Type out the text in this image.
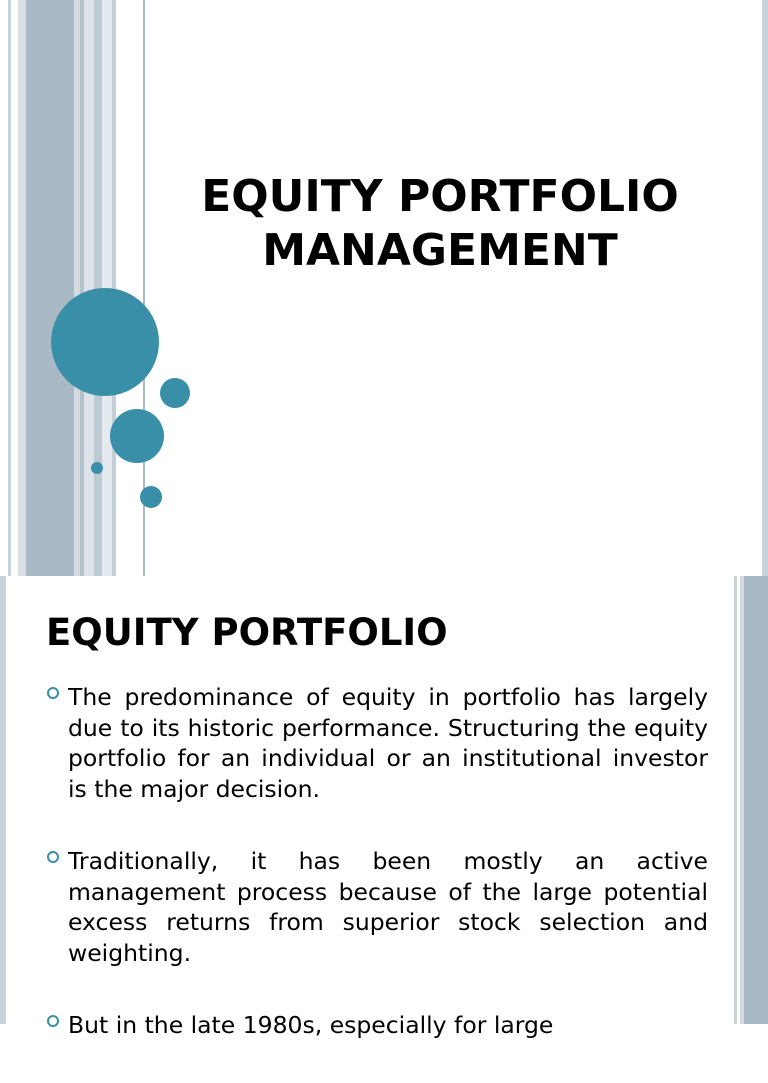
EQUITY PORTFOLIO
MANAGEMENT
EQUITY PORTFOLIO
The predominance of equity in portfolio has largely due to its historic performance. Structuring the equity portfolio for an individual or an institutional investor is the major decision.
Traditionally, it has been mostly an active management process because of the large potential excess returns from superior stock selection and weighting.
But in the late 1980s, especially for large
